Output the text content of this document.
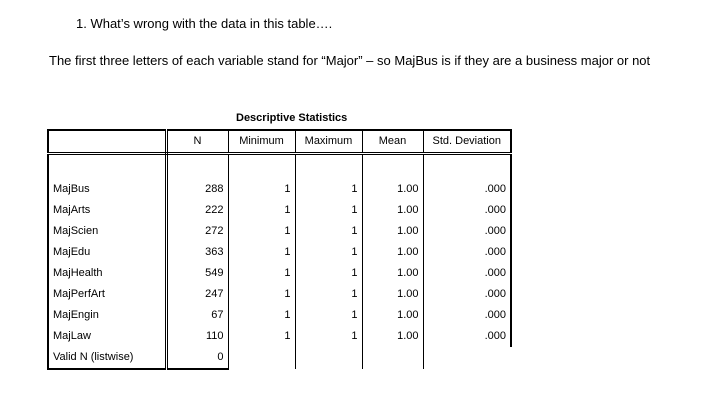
1. What’s wrong with the data in this table….
The first three letters of each variable stand for “Major” – so MajBus is if they are a business major or not
Descriptive Statistics
	N	Minimum	Maximum	Mean	Std. Deviation

MajBus	288	1	1	1.00	.000
MajArts	222	1	1	1.00	.000
MajScien	272	1	1	1.00	.000
MajEdu	363	1	1	1.00	.000
MajHealth	549	1	1	1.00	.000
MajPerfArt	247	1	1	1.00	.000
MajEngin	67	1	1	1.00	.000
MajLaw	110	1	1	1.00	.000
Valid N (listwise)	0				
